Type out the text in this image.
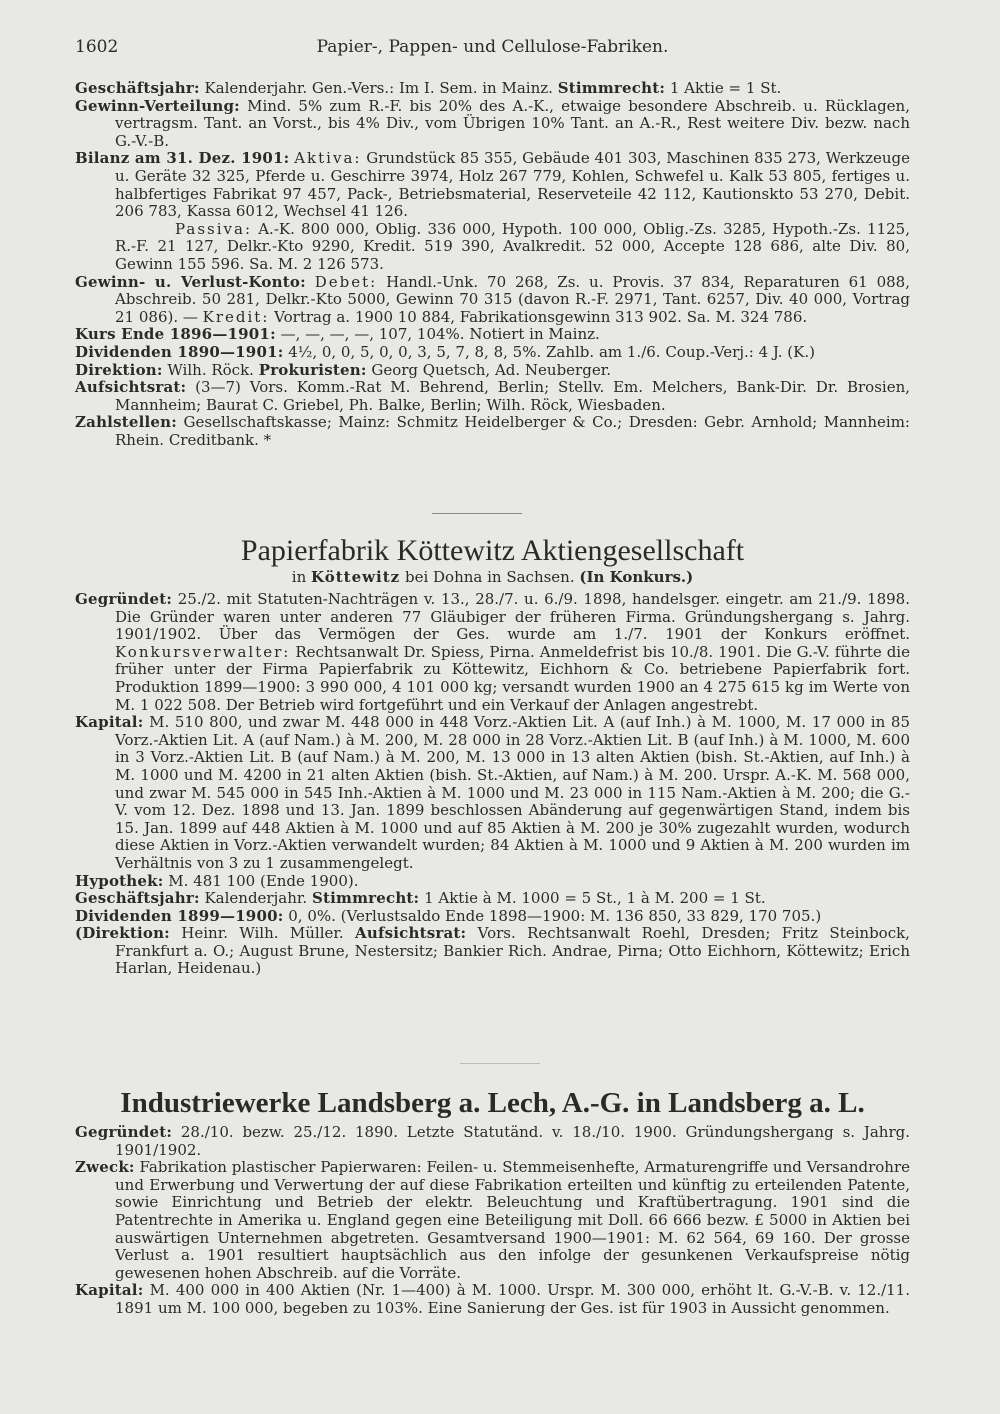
1602	Papier-, Pappen- und Cellulose-Fabriken.

Geschäftsjahr: Kalenderjahr. Gen.-Vers.: Im I. Sem. in Mainz. Stimmrecht: 1 Aktie = 1 St.

Gewinn-Verteilung: Mind. 5% zum R.-F. bis 20% des A.-K., etwaige besondere Abschreib. u. Rücklagen, vertragsm. Tant. an Vorst., bis 4% Div., vom Übrigen 10% Tant. an A.-R., Rest weitere Div. bezw. nach G.-V.-B.

Bilanz am 31. Dez. 1901: Aktiva: Grundstück 85 355, Gebäude 401 303, Maschinen 835 273, Werkzeuge u. Geräte 32 325, Pferde u. Geschirre 3974, Holz 267 779, Kohlen, Schwefel u. Kalk 53 805, fertiges u. halbfertiges Fabrikat 97 457, Pack-, Betriebsmaterial, Reserveteile 42 112, Kautionskto 53 270, Debit. 206 783, Kassa 6012, Wechsel 41 126.

Passiva: A.-K. 800 000, Oblig. 336 000, Hypoth. 100 000, Oblig.-Zs. 3285, Hypoth.-Zs. 1125, R.-F. 21 127, Delkr.-Kto 9290, Kredit. 519 390, Avalkredit. 52 000, Accepte 128 686, alte Div. 80, Gewinn 155 596. Sa. M. 2 126 573.

Gewinn- u. Verlust-Konto: Debet: Handl.-Unk. 70 268, Zs. u. Provis. 37 834, Reparaturen 61 088, Abschreib. 50 281, Delkr.-Kto 5000, Gewinn 70 315 (davon R.-F. 2971, Tant. 6257, Div. 40 000, Vortrag 21 086). — Kredit: Vortrag a. 1900 10 884, Fabrikationsgewinn 313 902. Sa. M. 324 786.

Kurs Ende 1896—1901: —, —, —, —, 107, 104%. Notiert in Mainz.

Dividenden 1890—1901: 4½, 0, 0, 5, 0, 0, 3, 5, 7, 8, 8, 5%. Zahlb. am 1./6. Coup.-Verj.: 4 J. (K.)

Direktion: Wilh. Röck. Prokuristen: Georg Quetsch, Ad. Neuberger.

Aufsichtsrat: (3—7) Vors. Komm.-Rat M. Behrend, Berlin; Stellv. Em. Melchers, Bank-Dir. Dr. Brosien, Mannheim; Baurat C. Griebel, Ph. Balke, Berlin; Wilh. Röck, Wiesbaden.

Zahlstellen: Gesellschaftskasse; Mainz: Schmitz Heidelberger & Co.; Dresden: Gebr. Arnhold; Mannheim: Rhein. Creditbank. *

Papierfabrik Köttewitz Aktiengesellschaft

in Köttewitz bei Dohna in Sachsen. (In Konkurs.)

Gegründet: 25./2. mit Statuten-Nachträgen v. 13., 28./7. u. 6./9. 1898, handelsger. eingetr. am 21./9. 1898. Die Gründer waren unter anderen 77 Gläubiger der früheren Firma. Gründungshergang s. Jahrg. 1901/1902. Über das Vermögen der Ges. wurde am 1./7. 1901 der Konkurs eröffnet. Konkursverwalter: Rechtsanwalt Dr. Spiess, Pirna. Anmeldefrist bis 10./8. 1901. Die G.-V. führte die früher unter der Firma Papierfabrik zu Köttewitz, Eichhorn & Co. betriebene Papierfabrik fort. Produktion 1899—1900: 3 990 000, 4 101 000 kg; versandt wurden 1900 an 4 275 615 kg im Werte von M. 1 022 508. Der Betrieb wird fortgeführt und ein Verkauf der Anlagen angestrebt.

Kapital: M. 510 800, und zwar M. 448 000 in 448 Vorz.-Aktien Lit. A (auf Inh.) à M. 1000, M. 17 000 in 85 Vorz.-Aktien Lit. A (auf Nam.) à M. 200, M. 28 000 in 28 Vorz.-Aktien Lit. B (auf Inh.) à M. 1000, M. 600 in 3 Vorz.-Aktien Lit. B (auf Nam.) à M. 200, M. 13 000 in 13 alten Aktien (bish. St.-Aktien, auf Inh.) à M. 1000 und M. 4200 in 21 alten Aktien (bish. St.-Aktien, auf Nam.) à M. 200. Urspr. A.-K. M. 568 000, und zwar M. 545 000 in 545 Inh.-Aktien à M. 1000 und M. 23 000 in 115 Nam.-Aktien à M. 200; die G.-V. vom 12. Dez. 1898 und 13. Jan. 1899 beschlossen Abänderung auf gegenwärtigen Stand, indem bis 15. Jan. 1899 auf 448 Aktien à M. 1000 und auf 85 Aktien à M. 200 je 30% zugezahlt wurden, wodurch diese Aktien in Vorz.-Aktien verwandelt wurden; 84 Aktien à M. 1000 und 9 Aktien à M. 200 wurden im Verhältnis von 3 zu 1 zusammengelegt.

Hypothek: M. 481 100 (Ende 1900).

Geschäftsjahr: Kalenderjahr. Stimmrecht: 1 Aktie à M. 1000 = 5 St., 1 à M. 200 = 1 St.

Dividenden 1899—1900: 0, 0%. (Verlustsaldo Ende 1898—1900: M. 136 850, 33 829, 170 705.)

(Direktion: Heinr. Wilh. Müller. Aufsichtsrat: Vors. Rechtsanwalt Roehl, Dresden; Fritz Steinbock, Frankfurt a. O.; August Brune, Nestersitz; Bankier Rich. Andrae, Pirna; Otto Eichhorn, Köttewitz; Erich Harlan, Heidenau.)

Industriewerke Landsberg a. Lech, A.-G. in Landsberg a. L.

Gegründet: 28./10. bezw. 25./12. 1890. Letzte Statutänd. v. 18./10. 1900. Gründungshergang s. Jahrg. 1901/1902.

Zweck: Fabrikation plastischer Papierwaren: Feilen- u. Stemmeisenhefte, Armaturengriffe und Versandrohre und Erwerbung und Verwertung der auf diese Fabrikation erteilten und künftig zu erteilenden Patente, sowie Einrichtung und Betrieb der elektr. Beleuchtung und Kraftübertragung. 1901 sind die Patentrechte in Amerika u. England gegen eine Beteiligung mit Doll. 66 666 bezw. £ 5000 in Aktien bei auswärtigen Unternehmen abgetreten. Gesamtversand 1900—1901: M. 62 564, 69 160. Der grosse Verlust a. 1901 resultiert hauptsächlich aus den infolge der gesunkenen Verkaufspreise nötig gewesenen hohen Abschreib. auf die Vorräte.

Kapital: M. 400 000 in 400 Aktien (Nr. 1—400) à M. 1000. Urspr. M. 300 000, erhöht lt. G.-V.-B. v. 12./11. 1891 um M. 100 000, begeben zu 103%. Eine Sanierung der Ges. ist für 1903 in Aussicht genommen.
